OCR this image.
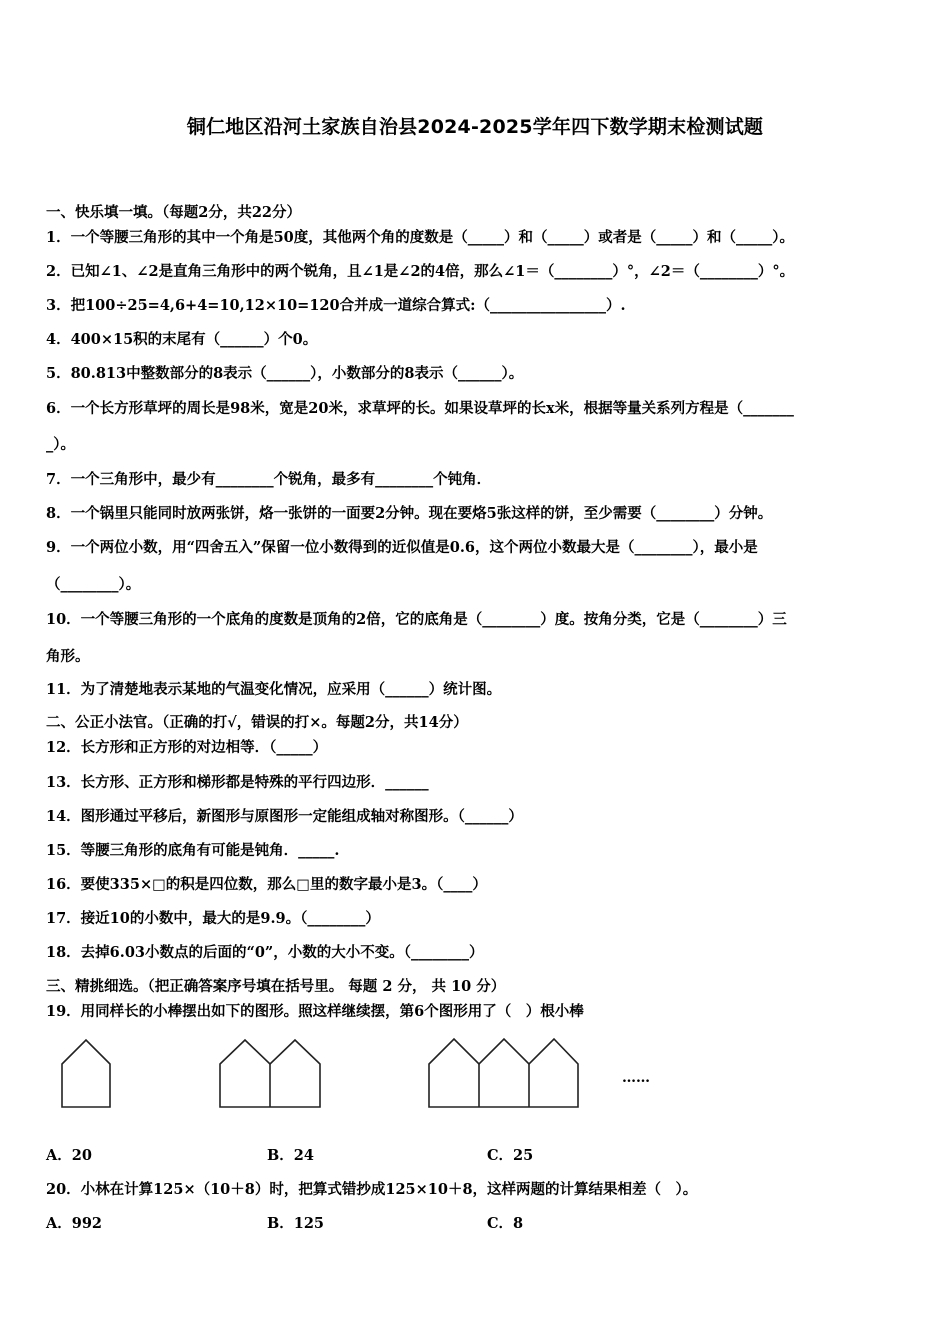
铜仁地区沿河土家族自治县2024-2025学年四下数学期末检测试题
一、快乐填一填。（每题2分，共22分）
1．一个等腰三角形的其中一个角是50度，其他两个角的度数是（_____）和（_____）或者是（_____）和（_____）。
2．已知∠1、∠2是直角三角形中的两个锐角，且∠1是∠2的4倍，那么∠1＝（________）°，∠2＝（________）°。
3．把100÷25=4,6+4=10,12×10=120合并成一道综合算式:（________________）.
4．400×15积的末尾有（______）个0。
5．80.813中整数部分的8表示（______），小数部分的8表示（______）。
6．一个长方形草坪的周长是98米，宽是20米，求草坪的长。如果设草坪的长x米，根据等量关系列方程是（_______
_）。
7．一个三角形中，最少有________个锐角，最多有________个钝角．
8．一个锅里只能同时放两张饼，烙一张饼的一面要2分钟。现在要烙5张这样的饼，至少需要（________）分钟。
9．一个两位小数，用“四舍五入”保留一位小数得到的近似值是0.6，这个两位小数最大是（________），最小是
（________）。
10．一个等腰三角形的一个底角的度数是顶角的2倍，它的底角是（________）度。按角分类，它是（________）三
角形。
11．为了清楚地表示某地的气温变化情况，应采用（______）统计图。
二、公正小法官。（正确的打√，错误的打×。每题2分，共14分）
12．长方形和正方形的对边相等．（_____）
13．长方形、正方形和梯形都是特殊的平行四边形．______
14．图形通过平移后，新图形与原图形一定能组成轴对称图形。（______）
15．等腰三角形的底角有可能是钝角．_____.
16．要使335×□的积是四位数，那么□里的数字最小是3。（____）
17．接近10的小数中，最大的是9.9。（________）
18．去掉6.03小数点的后面的“0”，小数的大小不变。（________）
三、精挑细选。（把正确答案序号填在括号里。 每题 2 分， 共 10 分）
19．用同样长的小棒摆出如下的图形。照这样继续摆，第6个图形用了（　）根小棒
……
A．20	B．24	C．25
20．小林在计算125×（10＋8）时，把算式错抄成125×10＋8，这样两题的计算结果相差（　）。
A．992	B．125	C．8
